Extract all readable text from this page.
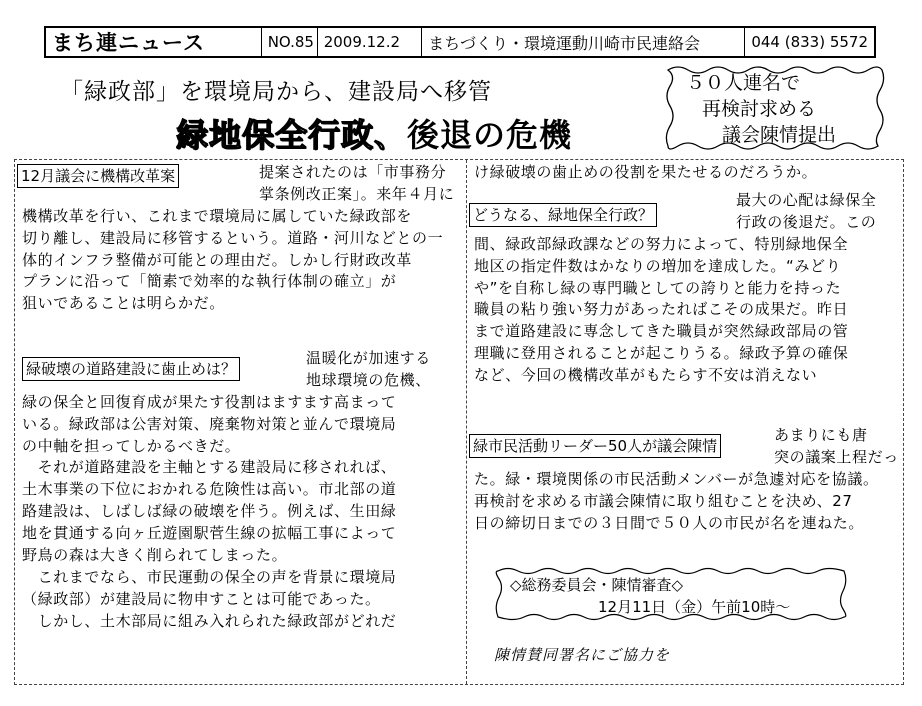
まち連ニュース	NO.85 2009.12.2	まちづくり・環境運動川崎市民連絡会	044 (833) 5572
「緑政部」を環境局から、建設局へ移管
緑地保全行政、後退の危機
５０人連名で
再検討求める
議会陳情提出
12月議会に機構改革案	提案されたのは「市事務分
掌条例改正案」。来年４月に
機構改革を行い、これまで環境局に属していた緑政部を
切り離し、建設局に移管するという。道路・河川などとの一
体的インフラ整備が可能との理由だ。しかし行財政改革
プランに沿って「簡素で効率的な執行体制の確立」が
狙いであることは明らかだ。
緑破壊の道路建設に歯止めは？
温暖化が加速する
地球環境の危機、
緑の保全と回復育成が果たす役割はますます高まって
いる。緑政部は公害対策、廃棄物対策と並んで環境局
の中軸を担ってしかるべきだ。
　それが道路建設を主軸とする建設局に移されれば、
土木事業の下位におかれる危険性は高い。市北部の道
路建設は、しばしば緑の破壊を伴う。例えば、生田緑
地を貫通する向ヶ丘遊園駅菅生線の拡幅工事によって
野鳥の森は大きく削られてしまった。
　これまでなら、市民運動の保全の声を背景に環境局
（緑政部）が建設局に物申すことは可能であった。
　しかし、土木部局に組み入れられた緑政部がどれだ
け緑破壊の歯止めの役割を果たせるのだろうか。
どうなる、緑地保全行政？
最大の心配は緑保全
行政の後退だ。この
間、緑政部緑政課などの努力によって、特別緑地保全
地区の指定件数はかなりの増加を達成した。“みどり
や”を自称し緑の専門職としての誇りと能力を持った
職員の粘り強い努力があったればこその成果だ。昨日
まで道路建設に専念してきた職員が突然緑政部局の管
理職に登用されることが起こりうる。緑政予算の確保
など、今回の機構改革がもたらす不安は消えない
緑市民活動リーダー50人が議会陳情
あまりにも唐
突の議案上程だっ
た。緑・環境関係の市民活動メンバーが急遽対応を協議。
再検討を求める市議会陳情に取り組むことを決め、27
日の締切日までの３日間で５０人の市民が名を連ねた。
◇総務委員会・陳情審査◇
12月11日（金）午前10時～
陳情賛同署名にご協力を
